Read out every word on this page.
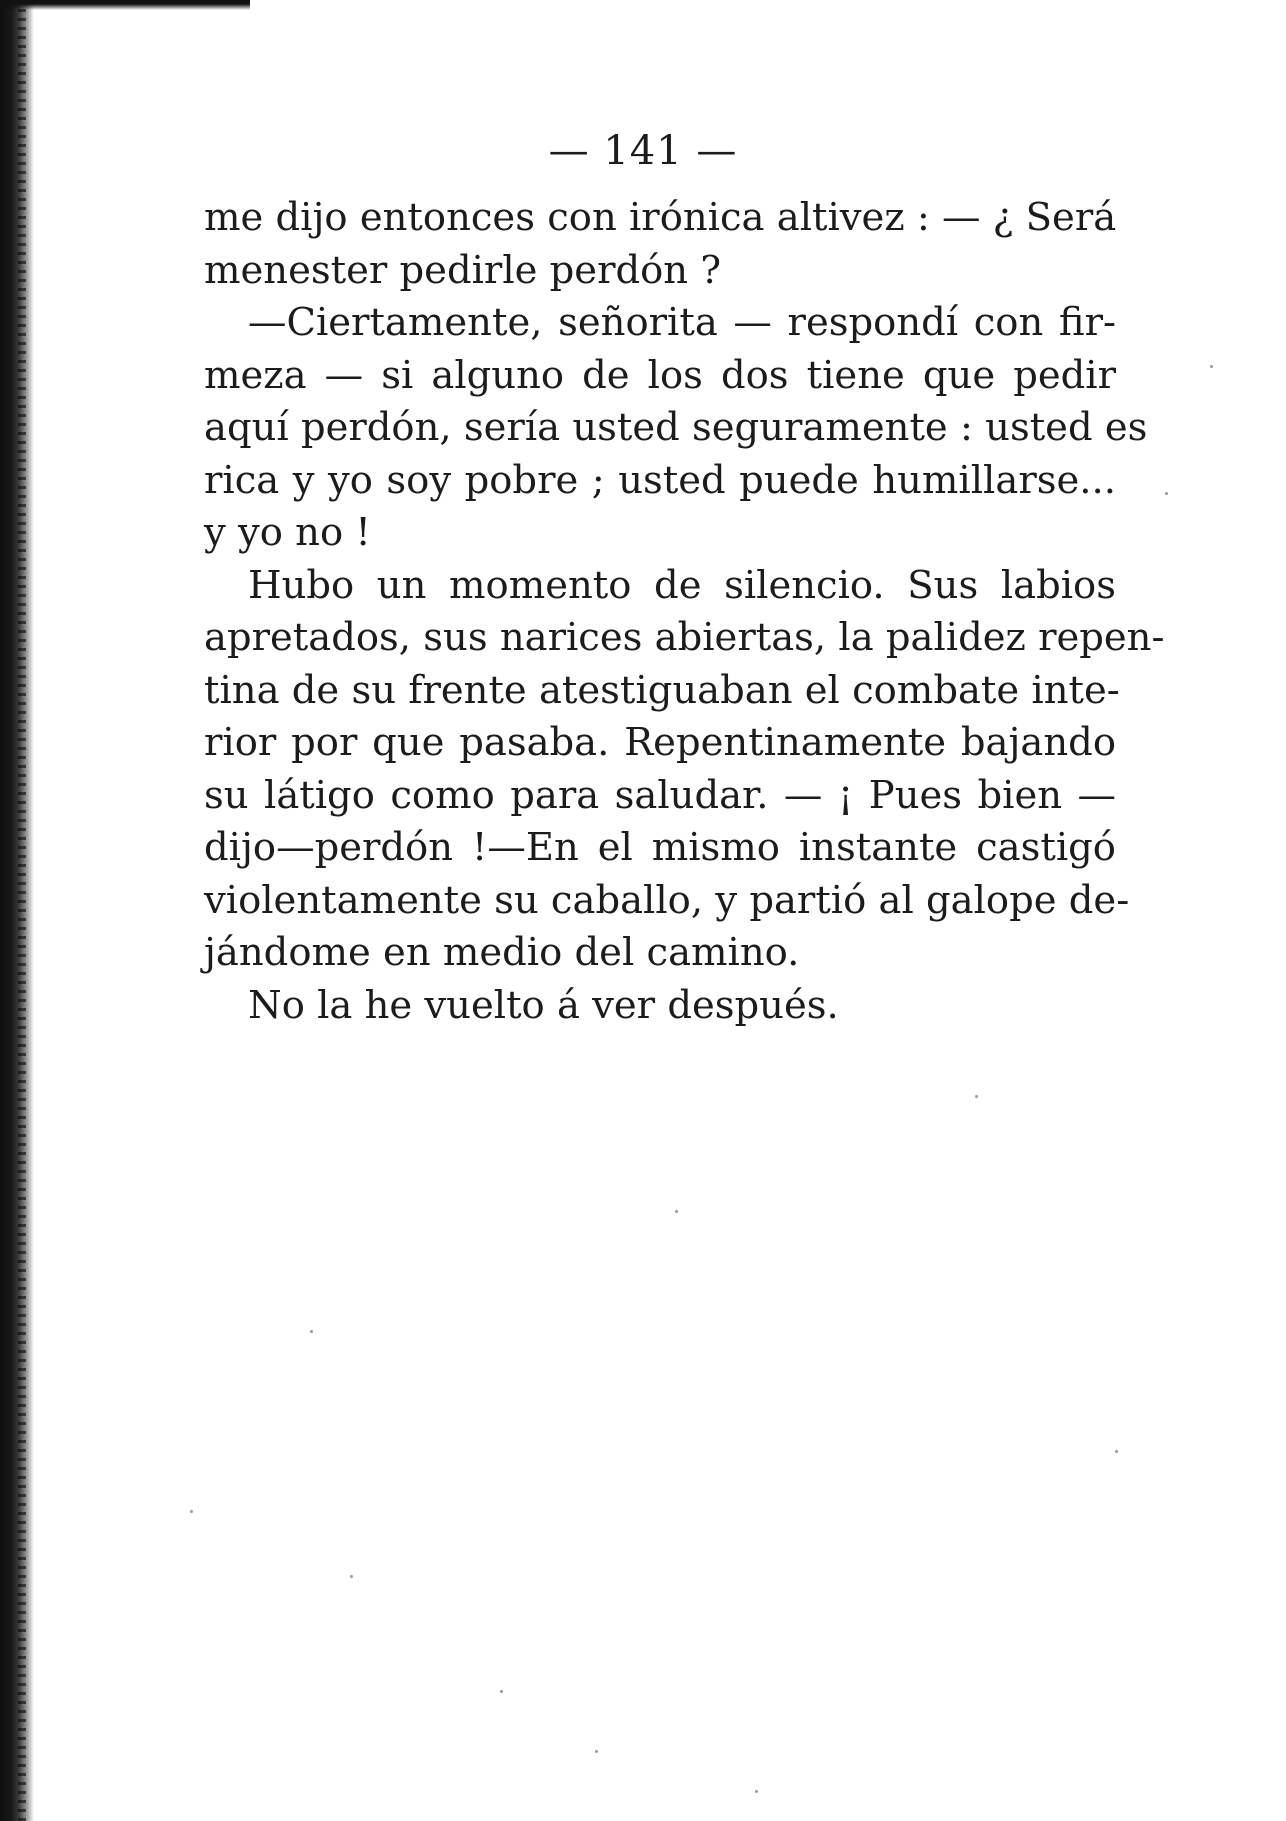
— 141 —
me dijo entonces con irónica altivez : — ¿ Será
menester pedirle perdón ?
—Ciertamente, señorita — respondí con fir-
meza — si alguno de los dos tiene que pedir
aquí perdón, sería usted seguramente : usted es
rica y yo soy pobre ; usted puede humillarse...
y yo no !
Hubo un momento de silencio. Sus labios
apretados, sus narices abiertas, la palidez repen-
tina de su frente atestiguaban el combate inte-
rior por que pasaba. Repentinamente bajando
su látigo como para saludar. — ¡ Pues bien —
dijo—perdón !—En el mismo instante castigó
violentamente su caballo, y partió al galope de-
jándome en medio del camino.
No la he vuelto á ver después.
